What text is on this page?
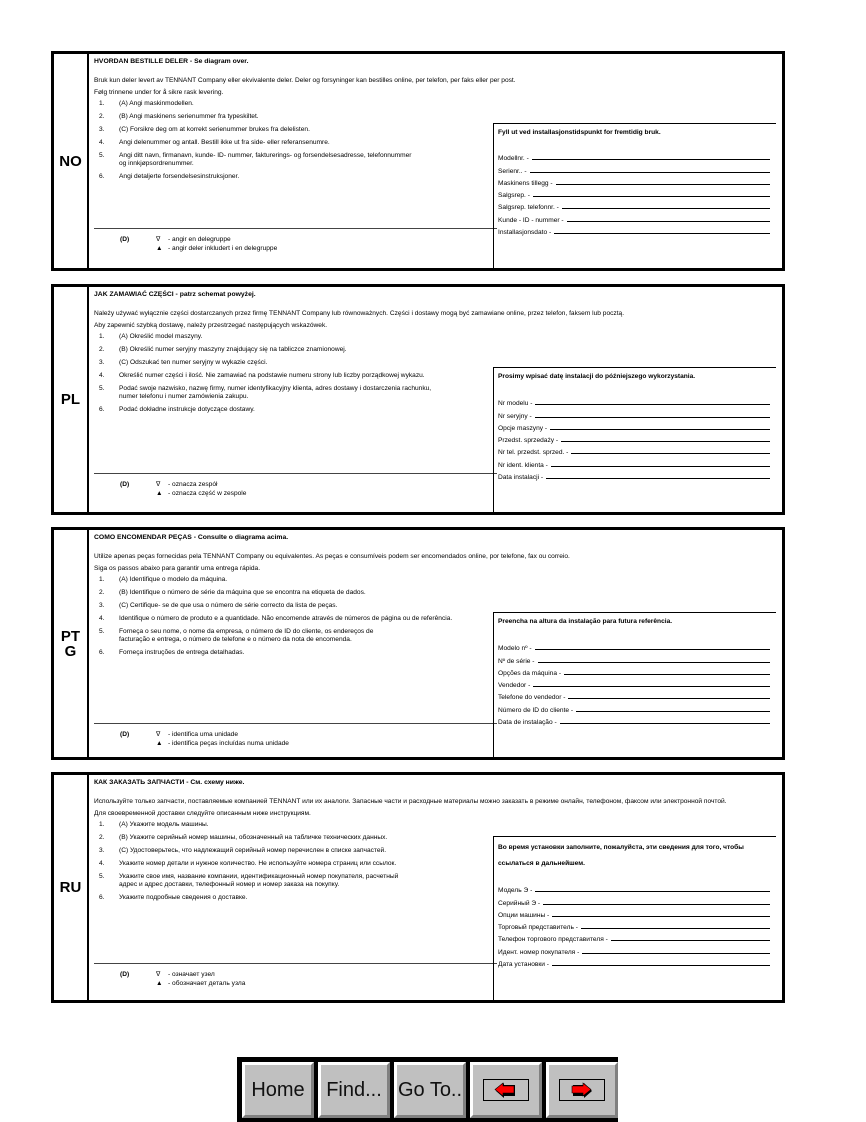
NO
HVORDAN BESTILLE DELER - Se diagram over.
Bruk kun deler levert av TENNANT Company eller ekvivalente deler. Deler og forsyninger kan bestilles online, per telefon, per faks eller per post.
Følg trinnene under for å sikre rask levering.
1.	(A) Angi maskinmodellen.
2.	(B) Angi maskinens serienummer fra typeskiltet.
3.	(C) Forsikre deg om at korrekt serienummer brukes fra delelisten.
4.	Angi delenummer og antall. Bestill ikke ut fra side- eller referansenumre.
5.	Angi ditt navn, firmanavn, kunde- ID- nummer, fakturerings- og forsendelsesadresse, telefonnummer og innkjøpsordrenummer.
6.	Angi detaljerte forsendelsesinstruksjoner.
(D)	∇ - angir en delegruppe
▲ - angir deler inkludert i en delegruppe
Fyll ut ved installasjonstidspunkt for fremtidig bruk.
Modellnr. -
Serienr.. -
Maskinens tillegg -
Salgsrep. -
Salgsrep. telefonnr. -
Kunde - ID - nummer -
Installasjonsdato -
PL
JAK ZAMAWIAĆ CZĘŚCI - patrz schemat powyżej.
Należy używać wyłącznie części dostarczanych przez firmę TENNANT Company lub równoważnych. Części i dostawy mogą być zamawiane online, przez telefon, faksem lub pocztą.
Aby zapewnić szybką dostawę, należy przestrzegać następujących wskazówek.
1.	(A) Określić model maszyny.
2.	(B) Określić numer seryjny maszyny znajdujący się na tabliczce znamionowej.
3.	(C) Odszukać ten numer seryjny w wykazie części.
4.	Określić numer części i ilość. Nie zamawiać na podstawie numeru strony lub liczby porządkowej wykazu.
5.	Podać swoje nazwisko, nazwę firmy, numer identyfikacyjny klienta, adres dostawy i dostarczenia rachunku, numer telefonu i numer zamówienia zakupu.
6.	Podać dokładne instrukcje dotyczące dostawy.
(D)	∇ - oznacza zespół
▲ - oznacza część w zespole
Prosimy wpisać datę instalacji do późniejszego wykorzystania.
Nr modelu -
Nr seryjny -
Opcje maszyny -
Przedst. sprzedaży -
Nr tel. przedst. sprzed. -
Nr ident. klienta -
Data instalacji -
PT G
COMO ENCOMENDAR PEÇAS - Consulte o diagrama acima.
Utilize apenas peças fornecidas pela TENNANT Company ou equivalentes. As peças e consumíveis podem ser encomendados online, por telefone, fax ou correio.
Siga os passos abaixo para garantir uma entrega rápida.
1.	(A) Identifique o modelo da máquina.
2.	(B) Identifique o número de série da máquina que se encontra na etiqueta de dados.
3.	(C) Certifique- se de que usa o número de série correcto da lista de peças.
4.	Identifique o número de produto e a quantidade. Não encomende através de números de página ou de referência.
5.	Forneça o seu nome, o nome da empresa, o número de ID do cliente, os endereços de facturação e entrega, o número de telefone e o número da nota de encomenda.
6.	Forneça instruções de entrega detalhadas.
(D)	∇ - identifica uma unidade
▲ - identifica peças incluídas numa unidade
Preencha na altura da instalação para futura referência.
Modelo nº -
Nº de série -
Opções da máquina -
Vendedor -
Telefone do vendedor -
Número de ID do cliente -
Data de instalação -
RU
КАК ЗАКАЗАТЬ ЗАПЧАСТИ - См. схему ниже.
Используйте только запчасти, поставляемые компанией TENNANT или их аналоги. Запасные части и расходные материалы можно заказать в режиме онлайн, телефоном, факсом или электронной почтой.
Для своевременной доставки следуйте описанным ниже инструкциям.
1.	(A) Укажите модель машины.
2.	(B) Укажите серийный номер машины, обозначенный на табличке технических данных.
3.	(C) Удостоверьтесь, что надлежащий серийный номер перечислен в списке запчастей.
4.	Укажите номер детали и нужное количество. Не используйте номера страниц или ссылок.
5.	Укажите свое имя, название компании, идентификационный номер покупателя, расчетный адрес и адрес доставки, телефонный номер и номер заказа на покупку.
6.	Укажите подробные сведения о доставке.
(D)	∇ - означает узел
▲ - обозначает деталь узла
Во время установки заполните, пожалуйста, эти сведения для того, чтобы ссылаться в дальнейшем.
Модель Э -
Серийный Э -
Опции машины -
Торговый представитель -
Телефон торгового представителя -
Идент. номер покупателя -
Дата установки -
Home	Find... Go To..
